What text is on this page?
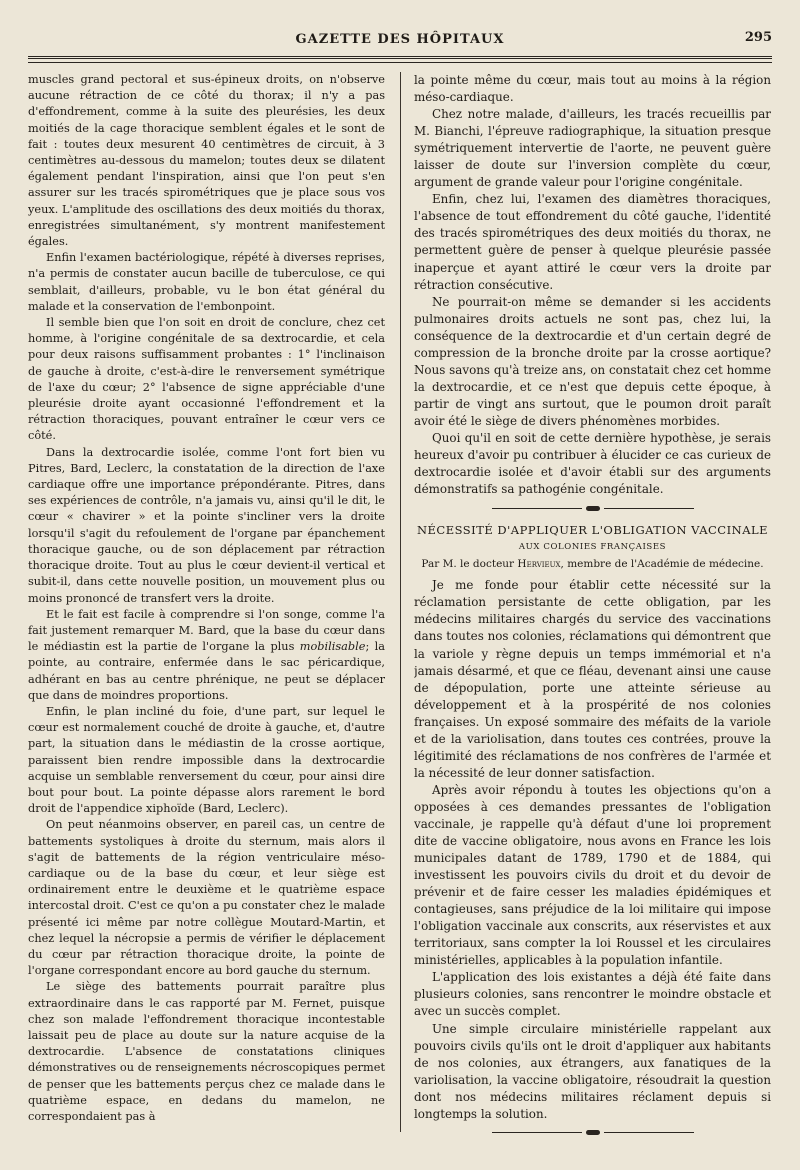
GAZETTE DES HÔPITAUX	295

muscles grand pectoral et sus-épineux droits, on n'observe aucune rétraction de ce côté du thorax; il n'y a pas d'effondrement, comme à la suite des pleurésies, les deux moitiés de la cage thoracique semblent égales et le sont de fait : toutes deux mesurent 40 centimètres de circuit, à 3 centimètres au-dessous du mamelon; toutes deux se dilatent également pendant l'inspiration, ainsi que l'on peut s'en assurer sur les tracés spirométriques que je place sous vos yeux. L'amplitude des oscillations des deux moitiés du thorax, enregistrées simultanément, s'y montrent manifestement égales.

Enfin l'examen bactériologique, répété à diverses reprises, n'a permis de constater aucun bacille de tuberculose, ce qui semblait, d'ailleurs, probable, vu le bon état général du malade et la conservation de l'embonpoint.

Il semble bien que l'on soit en droit de conclure, chez cet homme, à l'origine congénitale de sa dextrocardie, et cela pour deux raisons suffisamment probantes : 1° l'inclinaison de gauche à droite, c'est-à-dire le renversement symétrique de l'axe du cœur; 2° l'absence de signe appréciable d'une pleurésie droite ayant occasionné l'effondrement et la rétraction thoraciques, pouvant entraîner le cœur vers ce côté.

Dans la dextrocardie isolée, comme l'ont fort bien vu Pitres, Bard, Leclerc, la constatation de la direction de l'axe cardiaque offre une importance prépondérante. Pitres, dans ses expériences de contrôle, n'a jamais vu, ainsi qu'il le dit, le cœur « chavirer » et la pointe s'incliner vers la droite lorsqu'il s'agit du refoulement de l'organe par épanchement thoracique gauche, ou de son déplacement par rétraction thoracique droite. Tout au plus le cœur devient-il vertical et subit-il, dans cette nouvelle position, un mouvement plus ou moins prononcé de transfert vers la droite.

Et le fait est facile à comprendre si l'on songe, comme l'a fait justement remarquer M. Bard, que la base du cœur dans le médiastin est la partie de l'organe la plus mobilisable; la pointe, au contraire, enfermée dans le sac péricardique, adhérant en bas au centre phrénique, ne peut se déplacer que dans de moindres proportions.

Enfin, le plan incliné du foie, d'une part, sur lequel le cœur est normalement couché de droite à gauche, et, d'autre part, la situation dans le médiastin de la crosse aortique, paraissent bien rendre impossible dans la dextrocardie acquise un semblable renversement du cœur, pour ainsi dire bout pour bout. La pointe dépasse alors rarement le bord droit de l'appendice xiphoïde (Bard, Leclerc).

On peut néanmoins observer, en pareil cas, un centre de battements systoliques à droite du sternum, mais alors il s'agit de battements de la région ventriculaire méso-cardiaque ou de la base du cœur, et leur siège est ordinairement entre le deuxième et le quatrième espace intercostal droit. C'est ce qu'on a pu constater chez le malade présenté ici même par notre collègue Moutard-Martin, et chez lequel la nécropsie a permis de vérifier le déplacement du cœur par rétraction thoracique droite, la pointe de l'organe correspondant encore au bord gauche du sternum.

Le siège des battements pourrait paraître plus extraordinaire dans le cas rapporté par M. Fernet, puisque chez son malade l'effondrement thoracique incontestable laissait peu de place au doute sur la nature acquise de la dextrocardie. L'absence de constatations cliniques démonstratives ou de renseignements nécroscopiques permet de penser que les battements perçus chez ce malade dans le quatrième espace, en dedans du mamelon, ne correspondaient pas à

la pointe même du cœur, mais tout au moins à la région méso-cardiaque.

Chez notre malade, d'ailleurs, les tracés recueillis par M. Bianchi, l'épreuve radiographique, la situation presque symétriquement intervertie de l'aorte, ne peuvent guère laisser de doute sur l'inversion complète du cœur, argument de grande valeur pour l'origine congénitale.

Enfin, chez lui, l'examen des diamètres thoraciques, l'absence de tout effondrement du côté gauche, l'identité des tracés spirométriques des deux moitiés du thorax, ne permettent guère de penser à quelque pleurésie passée inaperçue et ayant attiré le cœur vers la droite par rétraction consécutive.

Ne pourrait-on même se demander si les accidents pulmonaires droits actuels ne sont pas, chez lui, la conséquence de la dextrocardie et d'un certain degré de compression de la bronche droite par la crosse aortique? Nous savons qu'à treize ans, on constatait chez cet homme la dextrocardie, et ce n'est que depuis cette époque, à partir de vingt ans surtout, que le poumon droit paraît avoir été le siège de divers phénomènes morbides.

Quoi qu'il en soit de cette dernière hypothèse, je serais heureux d'avoir pu contribuer à élucider ce cas curieux de dextrocardie isolée et d'avoir établi sur des arguments démonstratifs sa pathogénie congénitale.

NÉCESSITÉ D'APPLIQUER L'OBLIGATION VACCINALE

AUX COLONIES FRANÇAISES

Par M. le docteur Hervieux, membre de l'Académie de médecine.

Je me fonde pour établir cette nécessité sur la réclamation persistante de cette obligation, par les médecins militaires chargés du service des vaccinations dans toutes nos colonies, réclamations qui démontrent que la variole y règne depuis un temps immémorial et n'a jamais désarmé, et que ce fléau, devenant ainsi une cause de dépopulation, porte une atteinte sérieuse au développement et à la prospérité de nos colonies françaises. Un exposé sommaire des méfaits de la variole et de la variolisation, dans toutes ces contrées, prouve la légitimité des réclamations de nos confrères de l'armée et la nécessité de leur donner satisfaction.

Après avoir répondu à toutes les objections qu'on a opposées à ces demandes pressantes de l'obligation vaccinale, je rappelle qu'à défaut d'une loi proprement dite de vaccine obligatoire, nous avons en France les lois municipales datant de 1789, 1790 et de 1884, qui investissent les pouvoirs civils du droit et du devoir de prévenir et de faire cesser les maladies épidémiques et contagieuses, sans préjudice de la loi militaire qui impose l'obligation vaccinale aux conscrits, aux réservistes et aux territoriaux, sans compter la loi Roussel et les circulaires ministérielles, applicables à la population infantile.

L'application des lois existantes a déjà été faite dans plusieurs colonies, sans rencontrer le moindre obstacle et avec un succès complet.

Une simple circulaire ministérielle rappelant aux pouvoirs civils qu'ils ont le droit d'appliquer aux habitants de nos colonies, aux étrangers, aux fanatiques de la variolisation, la vaccine obligatoire, résoudrait la question dont nos médecins militaires réclament depuis si longtemps la solution.
